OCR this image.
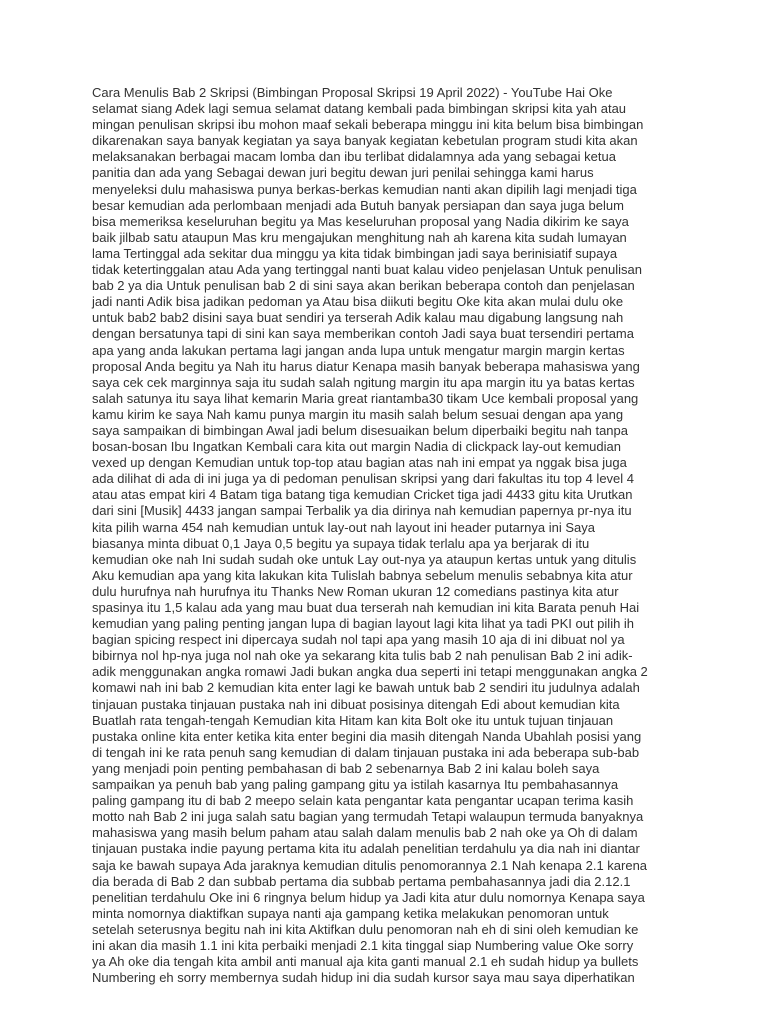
Cara Menulis Bab 2 Skripsi (Bimbingan Proposal Skripsi 19 April 2022) - YouTube Hai Oke
selamat siang Adek lagi semua selamat datang kembali pada bimbingan skripsi kita yah atau
mingan penulisan skripsi ibu mohon maaf sekali beberapa minggu ini kita belum bisa bimbingan
dikarenakan saya banyak kegiatan ya saya banyak kegiatan kebetulan program studi kita akan
melaksanakan berbagai macam lomba dan ibu terlibat didalamnya ada yang sebagai ketua
panitia dan ada yang Sebagai dewan juri begitu dewan juri penilai sehingga kami harus
menyeleksi dulu mahasiswa punya berkas-berkas kemudian nanti akan dipilih lagi menjadi tiga
besar kemudian ada perlombaan menjadi ada Butuh banyak persiapan dan saya juga belum
bisa memeriksa keseluruhan begitu ya Mas keseluruhan proposal yang Nadia dikirim ke saya
baik jilbab satu ataupun Mas kru mengajukan menghitung nah ah karena kita sudah lumayan
lama Tertinggal ada sekitar dua minggu ya kita tidak bimbingan jadi saya berinisiatif supaya
tidak ketertinggalan atau Ada yang tertinggal nanti buat kalau video penjelasan Untuk penulisan
bab 2 ya dia Untuk penulisan bab 2 di sini saya akan berikan beberapa contoh dan penjelasan
jadi nanti Adik bisa jadikan pedoman ya Atau bisa diikuti begitu Oke kita akan mulai dulu oke
untuk bab2 bab2 disini saya buat sendiri ya terserah Adik kalau mau digabung langsung nah
dengan bersatunya tapi di sini kan saya memberikan contoh Jadi saya buat tersendiri pertama
apa yang anda lakukan pertama lagi jangan anda lupa untuk mengatur margin margin kertas
proposal Anda begitu ya Nah itu harus diatur Kenapa masih banyak beberapa mahasiswa yang
saya cek cek marginnya saja itu sudah salah ngitung margin itu apa margin itu ya batas kertas
salah satunya itu saya lihat kemarin Maria great riantamba30 tikam Uce kembali proposal yang
kamu kirim ke saya Nah kamu punya margin itu masih salah belum sesuai dengan apa yang
saya sampaikan di bimbingan Awal jadi belum disesuaikan belum diperbaiki begitu nah tanpa
bosan-bosan Ibu Ingatkan Kembali cara kita out margin Nadia di clickpack lay-out kemudian
vexed up dengan Kemudian untuk top-top atau bagian atas nah ini empat ya nggak bisa juga
ada dilihat di ada di ini juga ya di pedoman penulisan skripsi yang dari fakultas itu top 4 level 4
atau atas empat kiri 4 Batam tiga batang tiga kemudian Cricket tiga jadi 4433 gitu kita Urutkan
dari sini [Musik] 4433 jangan sampai Terbalik ya dia dirinya nah kemudian papernya pr-nya itu
kita pilih warna 454 nah kemudian untuk lay-out nah layout ini header putarnya ini Saya
biasanya minta dibuat 0,1 Jaya 0,5 begitu ya supaya tidak terlalu apa ya berjarak di itu
kemudian oke nah Ini sudah sudah oke untuk Lay out-nya ya ataupun kertas untuk yang ditulis
Aku kemudian apa yang kita lakukan kita Tulislah babnya sebelum menulis sebabnya kita atur
dulu hurufnya nah hurufnya itu Thanks New Roman ukuran 12 comedians pastinya kita atur
spasinya itu 1,5 kalau ada yang mau buat dua terserah nah kemudian ini kita Barata penuh Hai
kemudian yang paling penting jangan lupa di bagian layout lagi kita lihat ya tadi PKI out pilih ih
bagian spicing respect ini dipercaya sudah nol tapi apa yang masih 10 aja di ini dibuat nol ya
bibirnya nol hp-nya juga nol nah oke ya sekarang kita tulis bab 2 nah penulisan Bab 2 ini adik-
adik menggunakan angka romawi Jadi bukan angka dua seperti ini tetapi menggunakan angka 2
komawi nah ini bab 2 kemudian kita enter lagi ke bawah untuk bab 2 sendiri itu judulnya adalah
tinjauan pustaka tinjauan pustaka nah ini dibuat posisinya ditengah Edi about kemudian kita
Buatlah rata tengah-tengah Kemudian kita Hitam kan kita Bolt oke itu untuk tujuan tinjauan
pustaka online kita enter ketika kita enter begini dia masih ditengah Nanda Ubahlah posisi yang
di tengah ini ke rata penuh sang kemudian di dalam tinjauan pustaka ini ada beberapa sub-bab
yang menjadi poin penting pembahasan di bab 2 sebenarnya Bab 2 ini kalau boleh saya
sampaikan ya penuh bab yang paling gampang gitu ya istilah kasarnya Itu pembahasannya
paling gampang itu di bab 2 meepo selain kata pengantar kata pengantar ucapan terima kasih
motto nah Bab 2 ini juga salah satu bagian yang termudah Tetapi walaupun termuda banyaknya
mahasiswa yang masih belum paham atau salah dalam menulis bab 2 nah oke ya Oh di dalam
tinjauan pustaka indie payung pertama kita itu adalah penelitian terdahulu ya dia nah ini diantar
saja ke bawah supaya Ada jaraknya kemudian ditulis penomorannya 2.1 Nah kenapa 2.1 karena
dia berada di Bab 2 dan subbab pertama dia subbab pertama pembahasannya jadi dia 2.12.1
penelitian terdahulu Oke ini 6 ringnya belum hidup ya Jadi kita atur dulu nomornya Kenapa saya
minta nomornya diaktifkan supaya nanti aja gampang ketika melakukan penomoran untuk
setelah seterusnya begitu nah ini kita Aktifkan dulu penomoran nah eh di sini oleh kemudian ke
ini akan dia masih 1.1 ini kita perbaiki menjadi 2.1 kita tinggal siap Numbering value Oke sorry
ya Ah oke dia tengah kita ambil anti manual aja kita ganti manual 2.1 eh sudah hidup ya bullets
Numbering eh sorry membernya sudah hidup ini dia sudah kursor saya mau saya diperhatikan
